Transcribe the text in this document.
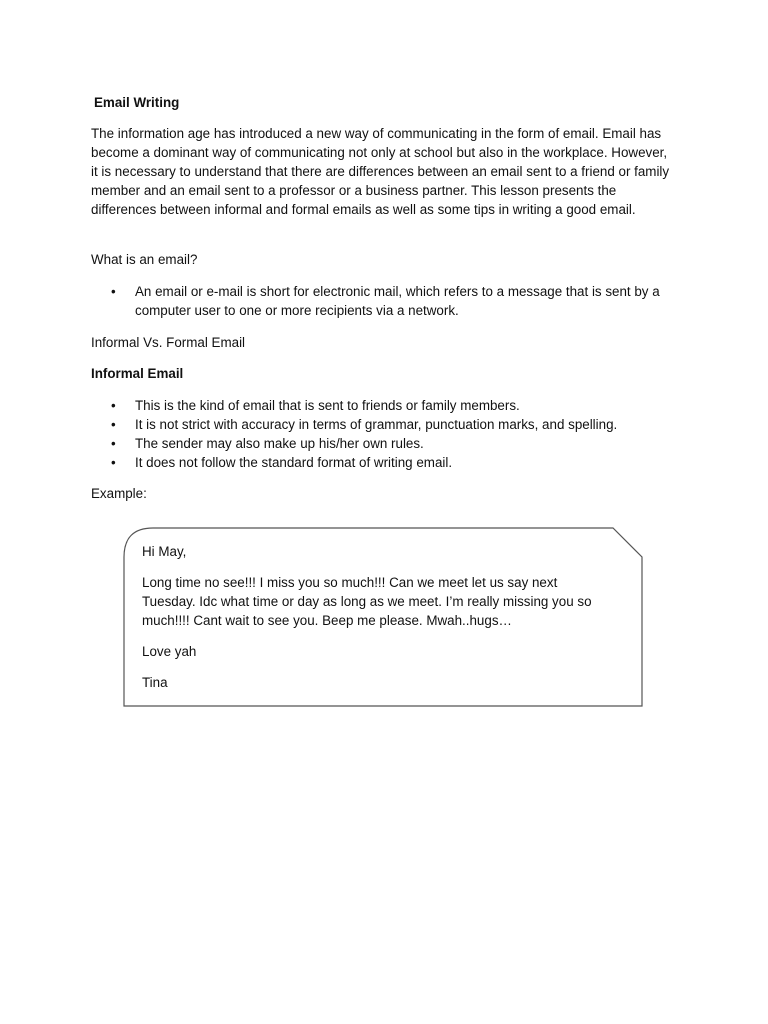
Email Writing

The information age has introduced a new way of communicating in the form of email. Email has become a dominant way of communicating not only at school but also in the workplace. However, it is necessary to understand that there are differences between an email sent to a friend or family member and an email sent to a professor or a business partner. This lesson presents the differences between informal and formal emails as well as some tips in writing a good email.

What is an email?

• An email or e-mail is short for electronic mail, which refers to a message that is sent by a computer user to one or more recipients via a network.

Informal Vs. Formal Email

Informal Email

• This is the kind of email that is sent to friends or family members.
• It is not strict with accuracy in terms of grammar, punctuation marks, and spelling.
• The sender may also make up his/her own rules.
• It does not follow the standard format of writing email.

Example:

Hi May,

Long time no see!!! I miss you so much!!! Can we meet let us say next Tuesday. Idc what time or day as long as we meet. I’m really missing you so much!!!! Cant wait to see you. Beep me please. Mwah..hugs…

Love yah

Tina
